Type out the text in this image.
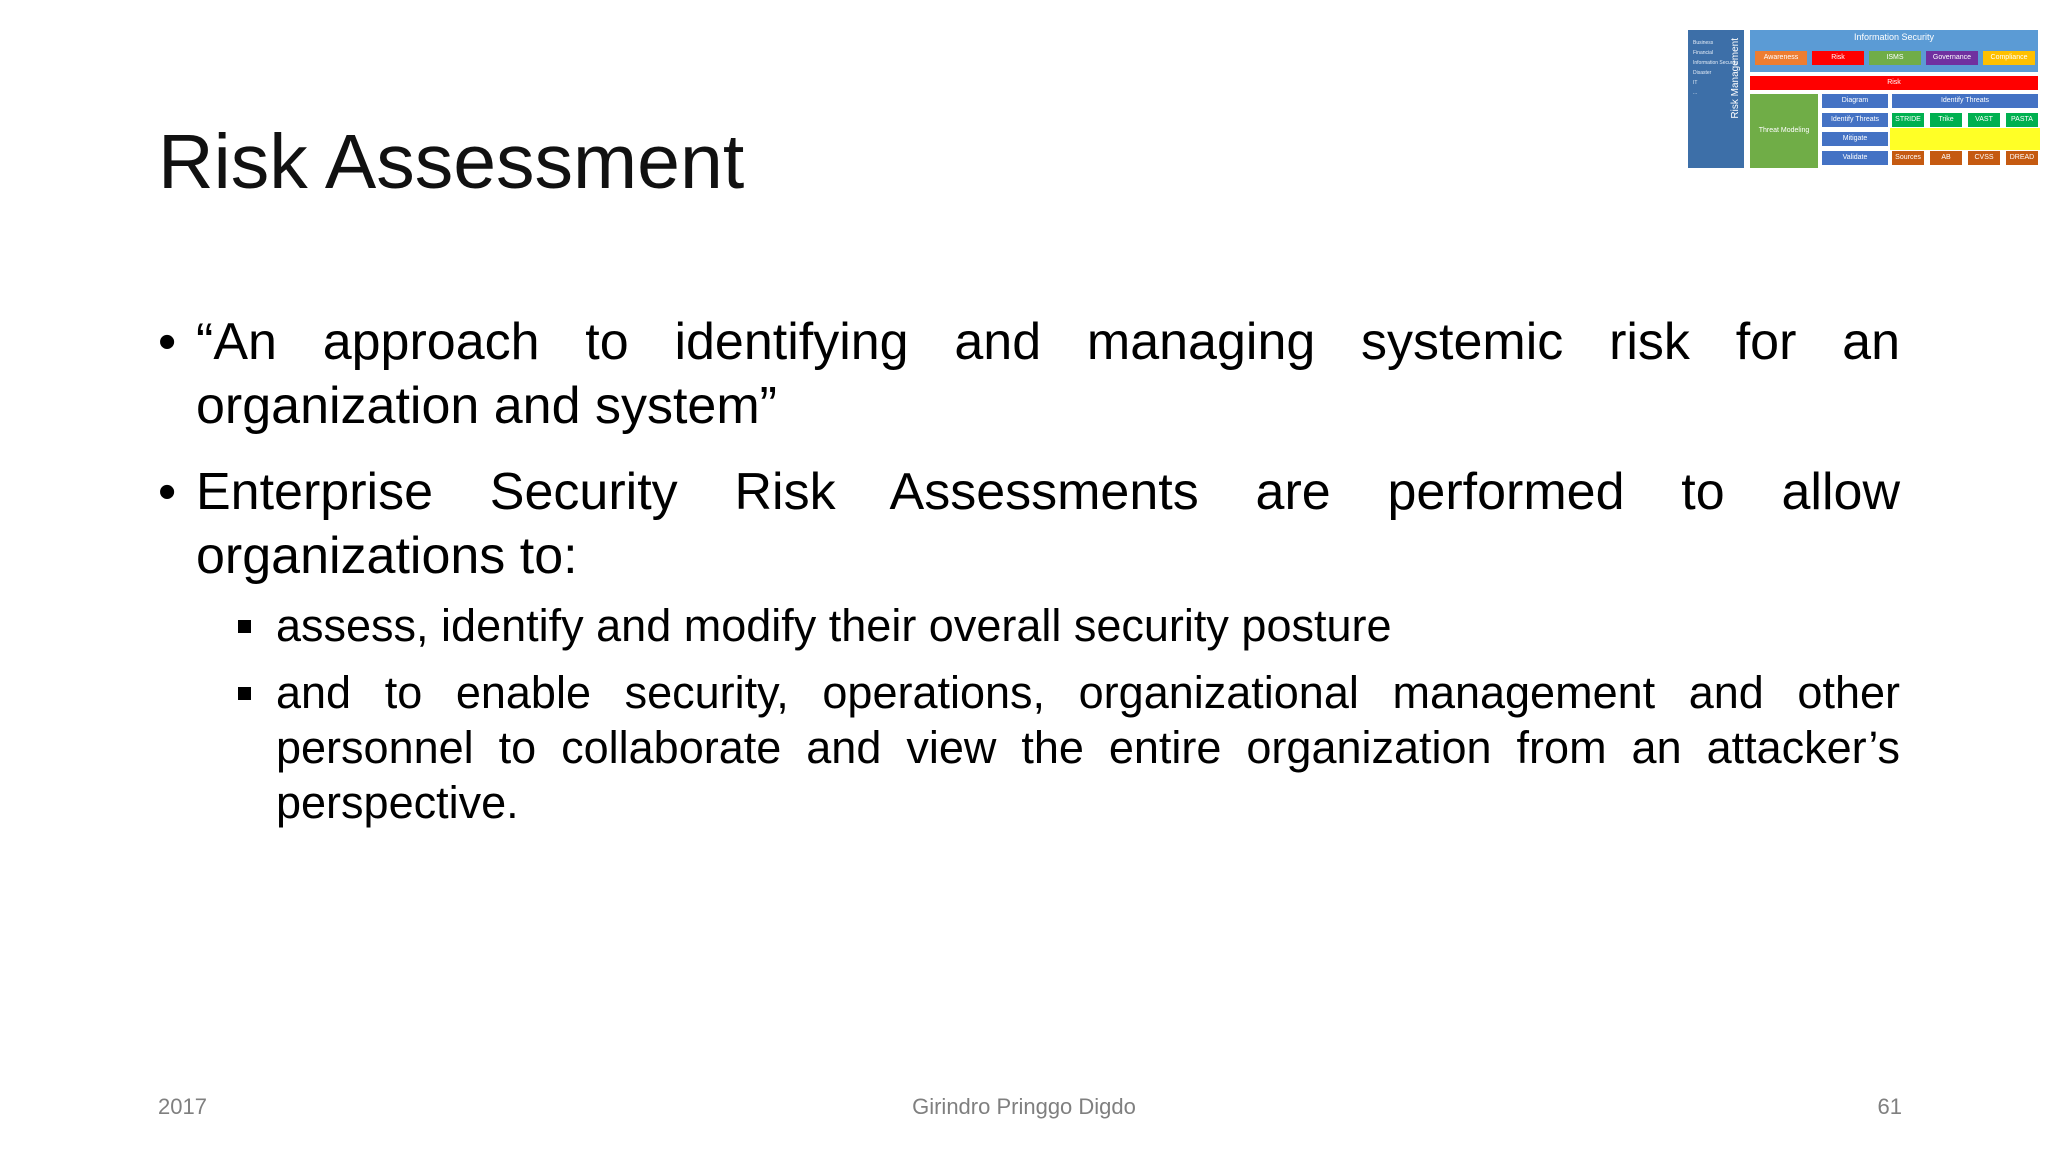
Risk Assessment
• “An approach to identifying and managing systemic risk for an organization and system”
• Enterprise Security Risk Assessments are performed to allow organizations to:
assess, identify and modify their overall security posture
and to enable security, operations, organizational management and other personnel to collaborate and view the entire organization from an attacker’s perspective.
Business
Financial
Information Security
Disaster
IT
...	Risk Management
Information Security
Awareness	Risk	ISMS	Governance	Compliance
Risk
Threat Modeling
Diagram
Identify Threats
Mitigate
Validate
Identify Threats
STRIDE	Trike	VAST	PASTA
Sources	AB	CVSS DREAD
2017	Girindro Pringgo Digdo	61
